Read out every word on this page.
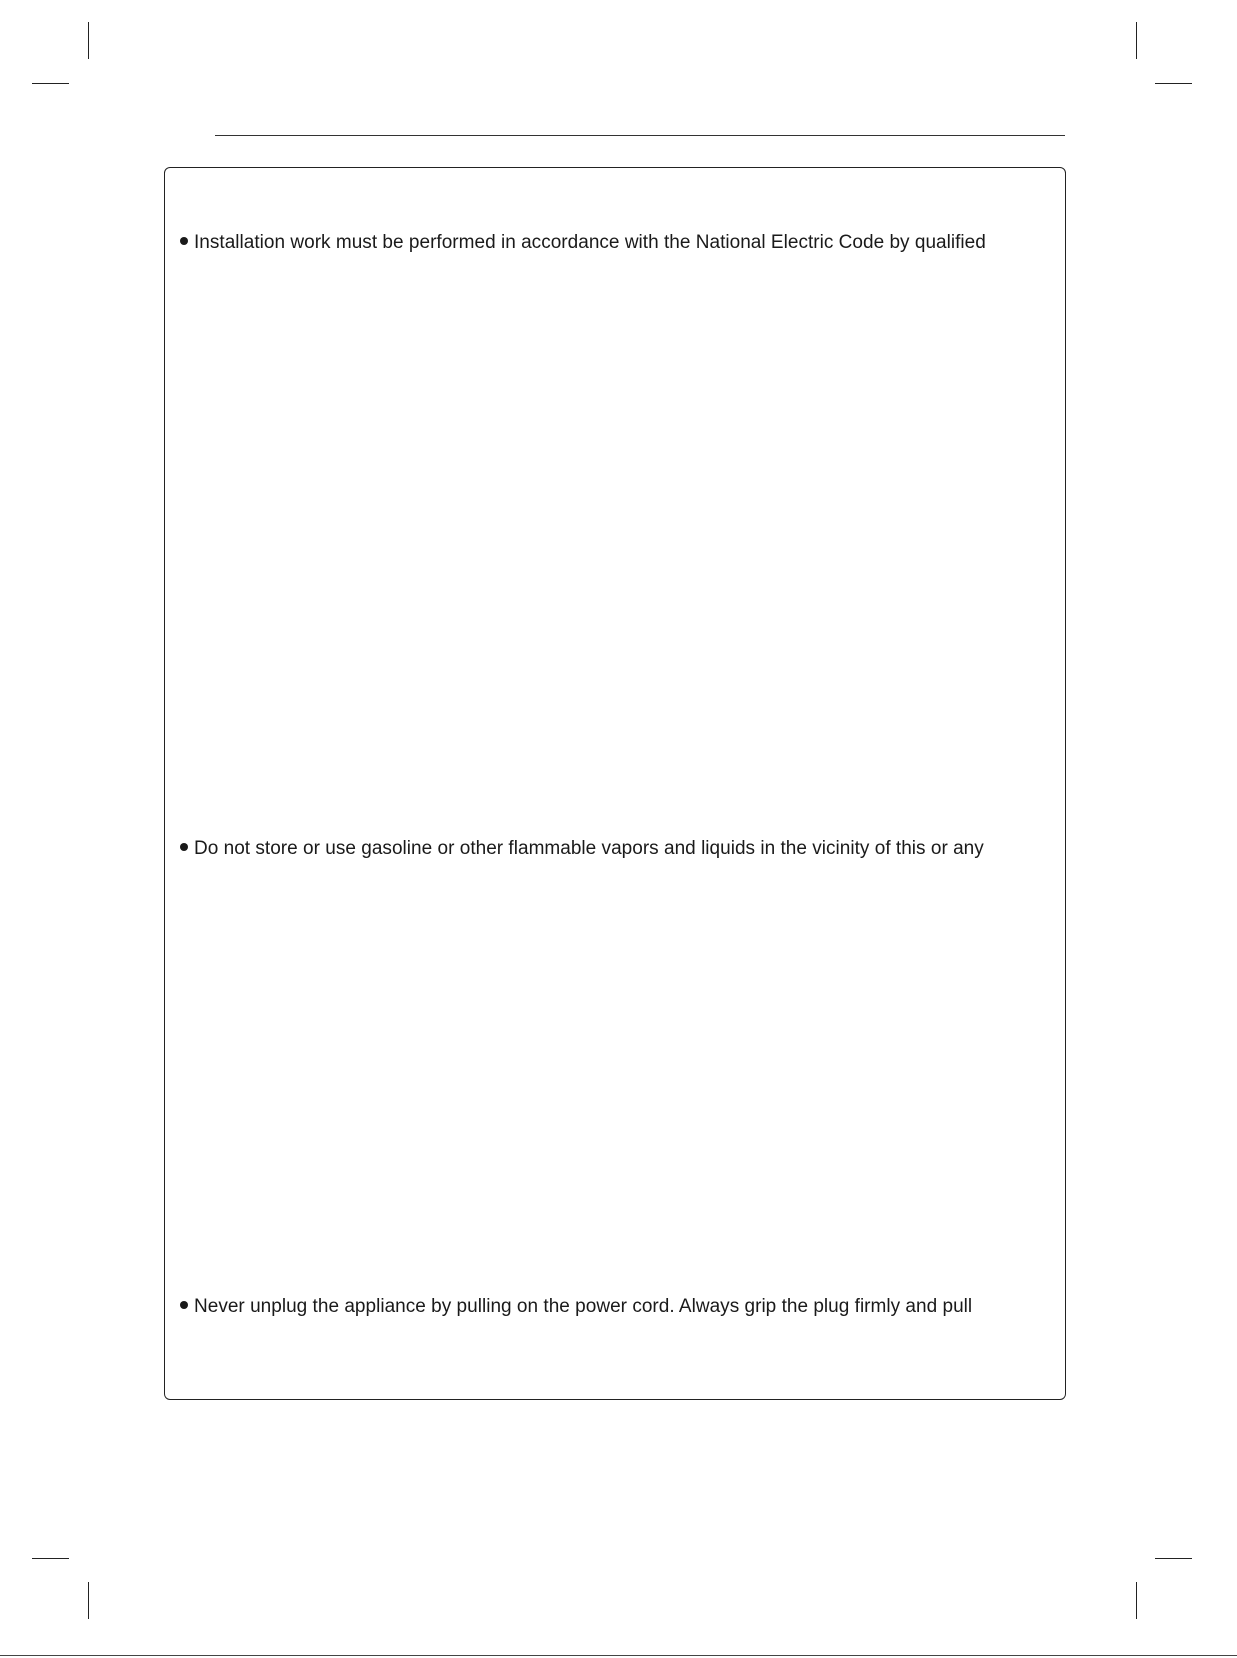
Installation work must be performed in accordance with the National Electric Code by qualified
Do not store or use gasoline or other flammable vapors and liquids in the vicinity of this or any
Never unplug the appliance by pulling on the power cord. Always grip the plug firmly and pull
